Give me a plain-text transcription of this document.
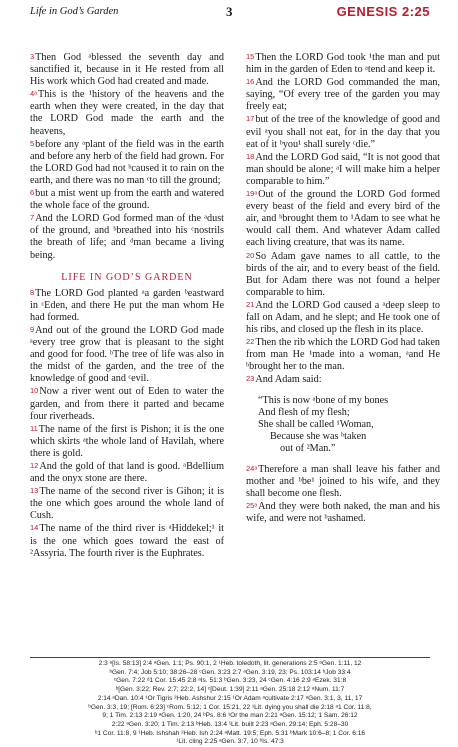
Life in God’s Garden	3	GENESIS 2:25

3Then God ᵃblessed the seventh day and sanctified it, because in it He rested from all His work which God had created and made.

4ᵃThis is the ¹history of the heavens and the earth when they were created, in the day that the LORD God made the earth and the heavens,

5before any ᵃplant of the field was in the earth and before any herb of the field had grown. For the LORD God had not ᵇcaused it to rain on the earth, and there was no man ᶜto till the ground;

6but a mist went up from the earth and watered the whole face of the ground.

7And the LORD God formed man of the ᵃdust of the ground, and ᵇbreathed into his ᶜnostrils the breath of life; and ᵈman became a living being.

LIFE IN GOD’S GARDEN

8The LORD God planted ᵃa garden ᵇeastward in ᶜEden, and there He put the man whom He had formed.

9And out of the ground the LORD God made ᵃevery tree grow that is pleasant to the sight and good for food. ᵇThe tree of life was also in the midst of the garden, and the tree of the knowledge of good and ᶜevil.

10Now a river went out of Eden to water the garden, and from there it parted and became four riverheads.

11The name of the first is Pishon; it is the one which skirts ᵃthe whole land of Havilah, where there is gold.

12And the gold of that land is good. ᵃBdellium and the onyx stone are there.

13The name of the second river is Gihon; it is the one which goes around the whole land of Cush.

14The name of the third river is ᵃHiddekel;¹ it is the one which goes toward the east of ²Assyria. The fourth river is the Euphrates.

15Then the LORD God took ¹the man and put him in the garden of Eden to ᵃtend and keep it.

16And the LORD God commanded the man, saying, “Of every tree of the garden you may freely eat;

17but of the tree of the knowledge of good and evil ᵃyou shall not eat, for in the day that you eat of it ᵇyou¹ shall surely ᶜdie.”

18And the LORD God said, “It is not good that man should be alone; ᵃI will make him a helper comparable to him.”

19ᵃOut of the ground the LORD God formed every beast of the field and every bird of the air, and ᵇbrought them to ¹Adam to see what he would call them. And whatever Adam called each living creature, that was its name.

20So Adam gave names to all cattle, to the birds of the air, and to every beast of the field. But for Adam there was not found a helper comparable to him.

21And the LORD God caused a ᵃdeep sleep to fall on Adam, and he slept; and He took one of his ribs, and closed up the flesh in its place.

22Then the rib which the LORD God had taken from man He ¹made into a woman, ᵃand He ᵇbrought her to the man.

23And Adam said:

“This is now ᵃbone of my bones
And flesh of my flesh;
She shall be called ¹Woman,
Because she was ᵇtaken
out of ²Man.”

24ᵃTherefore a man shall leave his father and mother and ᵇbe¹ joined to his wife, and they shall become one flesh.

25ᵃAnd they were both naked, the man and his wife, and were not ᵇashamed.

2:3 ᵃ[Is. 58:13] 2:4 ᵃGen. 1:1; Ps. 90:1, 2 ¹Heb. toledoth, lit. generations 2:5 ᵃGen. 1:11, 12
ᵇGen. 7:4; Job 5:10; 38:26–28 ᶜGen. 3:23 2:7 ᵃGen. 3:19, 23; Ps. 103:14 ᵇJob 33:4
ᶜGen. 7:22 ᵈ1 Cor. 15:45 2:8 ᵃIs. 51:3 ᵇGen. 3:23, 24 ᶜGen. 4:16 2:9 ᵃEzek. 31:8
ᵇ[Gen. 3:22; Rev. 2:7; 22:2, 14] ᶜ[Deut. 1:39] 2:11 ᵃGen. 25:18 2:12 ᵃNum. 11:7
2:14 ᵃDan. 10:4 ¹Or Tigris ²Heb. Ashshur 2:15 ¹Or Adam ᵃcultivate 2:17 ᵃGen. 3:1, 3, 11, 17
ᵇGen. 3:3, 19; [Rom. 6:23] ᶜRom. 5:12; 1 Cor. 15:21, 22 ¹Lit. dying you shall die 2:18 ᵃ1 Cor. 11:8,
9; 1 Tim. 2:13 2:19 ᵃGen. 1:20, 24 ᵇPs. 8:6 ¹Or the man 2:21 ᵃGen. 15:12; 1 Sam. 26:12
2:22 ᵃGen. 3:20; 1 Tim. 2:13 ᵇHeb. 13:4 ¹Lit. built 2:23 ᵃGen. 29:14; Eph. 5:28–30
ᵇ1 Cor. 11:8, 9 ¹Heb. Ishshah ²Heb. Ish 2:24 ᵃMatt. 19:5; Eph. 5:31 ᵇMark 10:6–8; 1 Cor. 6:16
¹Lit. cling 2:25 ᵃGen. 3:7, 10 ᵇIs. 47:3
